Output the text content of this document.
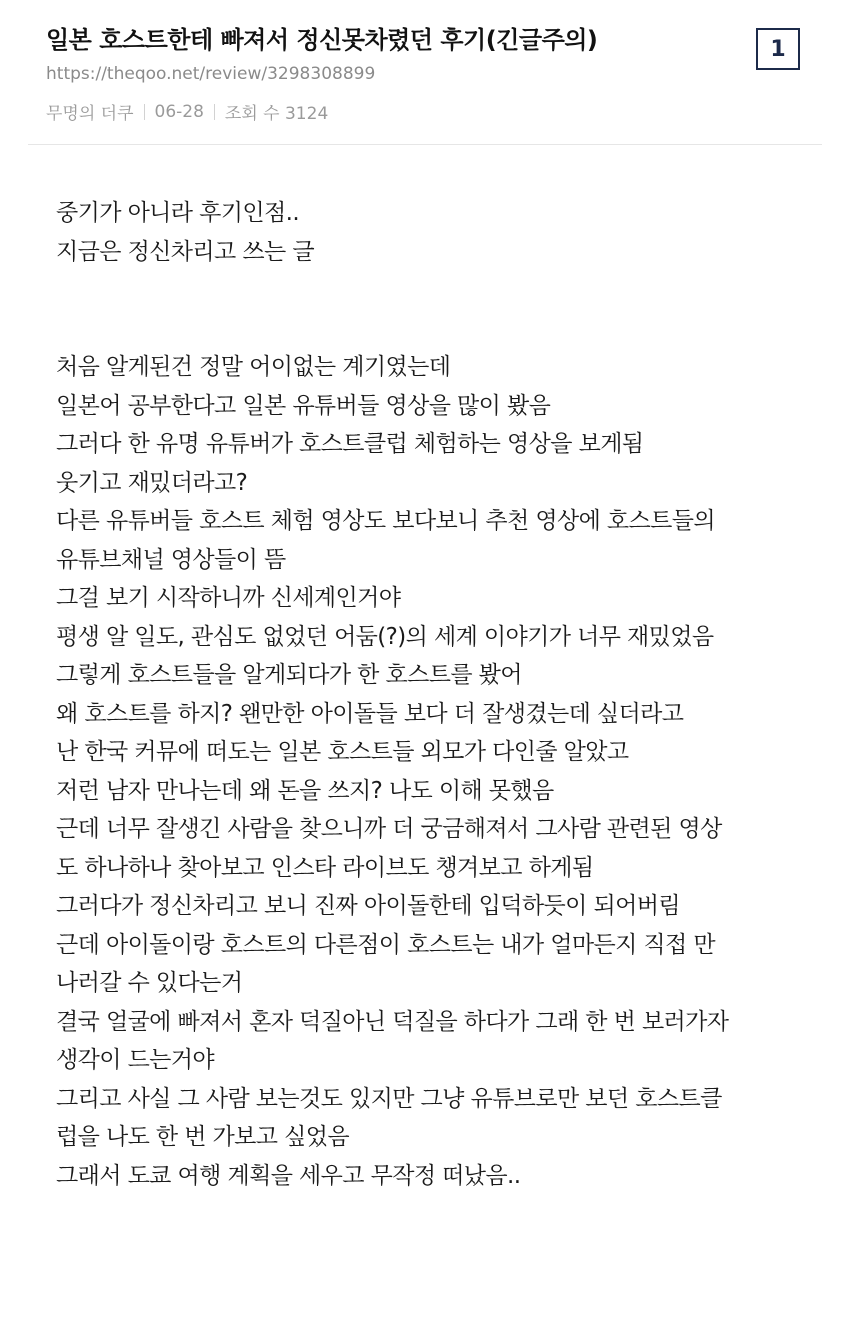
일본 호스트한테 빠져서 정신못차렸던 후기(긴글주의)
https://theqoo.net/review/3298308899
무명의 더쿠 06-28 조회 수 3124
1
중기가 아니라 후기인점..
지금은 정신차리고 쓰는 글
처음 알게된건 정말 어이없는 계기였는데
일본어 공부한다고 일본 유튜버들 영상을 많이 봤음
그러다 한 유명 유튜버가 호스트클럽 체험하는 영상을 보게됨
웃기고 재밌더라고?
다른 유튜버들 호스트 체험 영상도 보다보니 추천 영상에 호스트들의
유튜브채널 영상들이 뜸
그걸 보기 시작하니까 신세계인거야
평생 알 일도, 관심도 없었던 어둠(?)의 세계 이야기가 너무 재밌었음
그렇게 호스트들을 알게되다가 한 호스트를 봤어
왜 호스트를 하지? 왠만한 아이돌들 보다 더 잘생겼는데 싶더라고
난 한국 커뮤에 떠도는 일본 호스트들 외모가 다인줄 알았고
저런 남자 만나는데 왜 돈을 쓰지? 나도 이해 못했음
근데 너무 잘생긴 사람을 찾으니까 더 궁금해져서 그사람 관련된 영상
도 하나하나 찾아보고 인스타 라이브도 챙겨보고 하게됨
그러다가 정신차리고 보니 진짜 아이돌한테 입덕하듯이 되어버림
근데 아이돌이랑 호스트의 다른점이 호스트는 내가 얼마든지 직접 만
나러갈 수 있다는거
결국 얼굴에 빠져서 혼자 덕질아닌 덕질을 하다가 그래 한 번 보러가자
생각이 드는거야
그리고 사실 그 사람 보는것도 있지만 그냥 유튜브로만 보던 호스트클
럽을 나도 한 번 가보고 싶었음
그래서 도쿄 여행 계획을 세우고 무작정 떠났음..
